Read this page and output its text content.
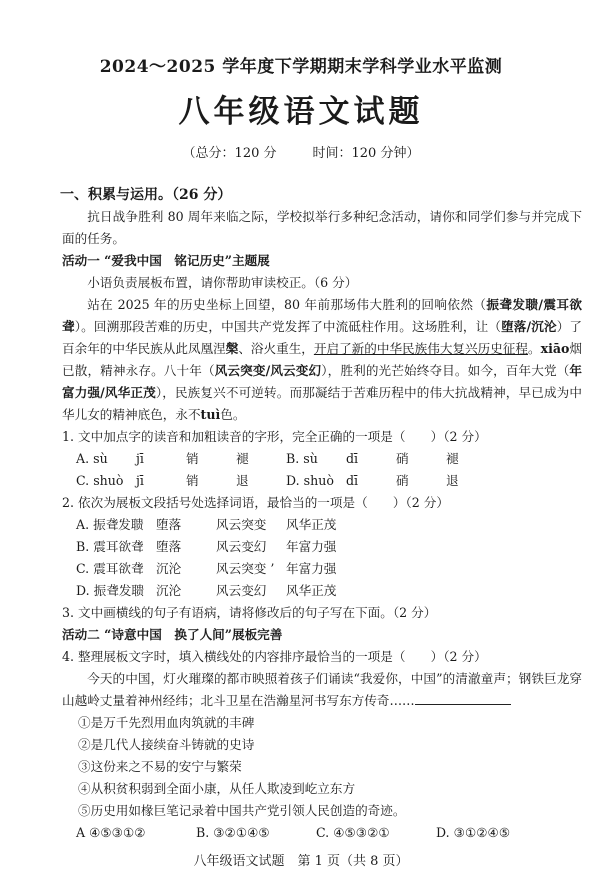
2024～2025 学年度下学期期末学科学业水平监测
八年级语文试题
（总分：120 分	时间：120 分钟）
一、积累与运用。（26 分）
抗日战争胜利 80 周年来临之际，学校拟举行多种纪念活动，请你和同学们参与并完成下面的任务。
活动一 “爱我中国　铭记历史”主题展
小语负责展板布置，请你帮助审读校正。（6 分）
站在 2025 年的历史坐标上回望，80 年前那场伟大胜利的回响依然（振聋发聩/震耳欲聋）。回溯那段苦难的历史，中国共产党发挥了中流砥柱作用。这场胜利，让（堕落/沉沦）了百余年的中华民族从此凤凰涅槃、浴火重生，开启了新的中华民族伟大复兴历史征程。xiāo烟已散，精神永存。八十年（风云突变/风云变幻），胜利的光芒始终夺目。如今，百年大党（年富力强/风华正茂），民族复兴不可逆转。而那凝结于苦难历程中的伟大抗战精神，早已成为中华儿女的精神底色，永不tuì色。
1. 文中加点字的读音和加粗读音的字形，完全正确的一项是（　　）（2 分）
A. sù	jī	销	褪	B. sù	dī	硝	褪
C. shuò jī	销	退	D. shuò dī	硝	退
2. 依次为展板文段括号处选择词语，最恰当的一项是（　　）（2 分）
A. 振聋发聩 堕落	风云突变	风华正茂
B. 震耳欲聋 堕落	风云变幻	年富力强
C. 震耳欲聋 沉沦	风云突变 ’ 年富力强
D. 振聋发聩 沉沦	风云变幻	风华正茂
3. 文中画横线的句子有语病，请将修改后的句子写在下面。（2 分）
活动二 “诗意中国　换了人间”展板完善
4. 整理展板文字时，填入横线处的内容排序最恰当的一项是（　　）（2 分）
今天的中国，灯火璀璨的都市映照着孩子们诵读“我爱你，中国”的清澈童声；钢铁巨龙穿山越岭丈量着神州经纬；北斗卫星在浩瀚星河书写东方传奇……
①是万千先烈用血肉筑就的丰碑
②是几代人接续奋斗铸就的史诗
③这份来之不易的安宁与繁荣
④从积贫积弱到全面小康，从任人欺凌到屹立东方
⑤历史用如椽巨笔记录着中国共产党引领人民创造的奇迹。
A ④⑤③①②	B. ③②①④⑤	C. ④⑤③②①	D. ③①②④⑤
八年级语文试题　第 1 页（共 8 页）
